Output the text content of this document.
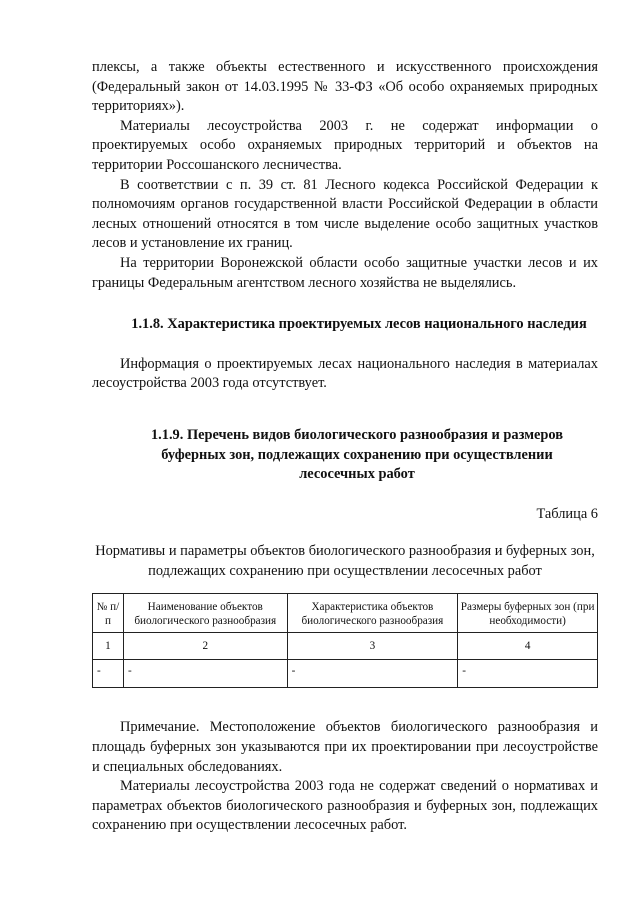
плексы, а также объекты естественного и искусственного происхождения (Федеральный закон от 14.03.1995 № 33-ФЗ «Об особо охраняемых природных территориях»).

Материалы лесоустройства 2003 г. не содержат информации о проектируемых особо охраняемых природных территорий и объектов на территории Россошанского лесничества.

В соответствии с п. 39 ст. 81 Лесного кодекса Российской Федерации к полномочиям органов государственной власти Российской Федерации в области лесных отношений относятся в том числе выделение особо защитных участков лесов и установление их границ.

На территории Воронежской области особо защитные участки лесов и их границы Федеральным агентством лесного хозяйства не выделялись.

1.1.8. Характеристика проектируемых лесов национального наследия

Информация о проектируемых лесах национального наследия в материалах лесоустройства 2003 года отсутствует.

1.1.9. Перечень видов биологического разнообразия и размеров буферных зон, подлежащих сохранению при осуществлении лесосечных работ
Таблица 6
Нормативы и параметры объектов биологического разнообразия и буферных зон, подлежащих сохранению при осуществлении лесосечных работ
№ п/п	Наименование объектов биологического разнообразия	Характеристика объектов биологического разнообразия	Размеры буферных зон (при необходимости)
1	2	3	4
-	-	-	-

Примечание. Местоположение объектов биологического разнообразия и площадь буферных зон указываются при их проектировании при лесоустройстве и специальных обследованиях.

Материалы лесоустройства 2003 года не содержат сведений о нормативах и параметрах объектов биологического разнообразия и буферных зон, подлежащих сохранению при осуществлении лесосечных работ.
